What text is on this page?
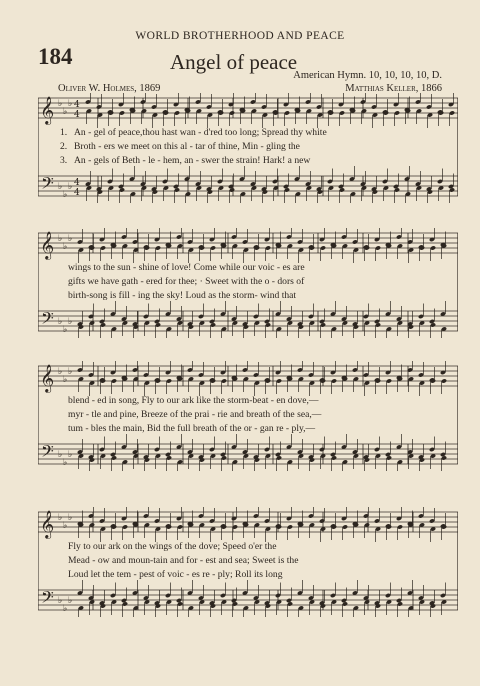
WORLD BROTHERHOOD AND PEACE
184	Angel of peace
American Hymn. 10, 10, 10, 10, D.
Oliver W. Holmes, 1869	Matthias Keller, 1866
𝄞
𝄢
♭
♭
♭
♭
♭
♭
4
4
4
4
1. An - gel of peace,thou hast wan - d'red too long; Spread thy white
2. Broth - ers we meet on this al - tar of thine, Min - gling the
3. An - gels of Beth - le - hem, an - swer the strain! Hark! a new
𝄞
𝄢
♭
♭
♭
♭
♭
♭
wings to the sun - shine of love! Come while our voic - es are
gifts we have gath - ered for thee; · Sweet with the o - dors of
birth-song is fill - ing the sky! Loud as the storm- wind that
𝄞
𝄢
♭
♭
♭
♭
♭
♭
blend - ed in song, Fly to our ark like the storm-beat - en dove,—
myr - tle and pine, Breeze of the prai - rie and breath of the sea,—
tum - bles the main, Bid the full breath of the or - gan re - ply,—
𝄞
𝄢
♭
♭
♭
♭
♭
♭
Fly to our ark on the wings of the dove; Speed o'er the
Mead - ow and moun-tain and for - est and sea; Sweet is the
Loud let the tem - pest of voic - es re - ply; Roll its long
